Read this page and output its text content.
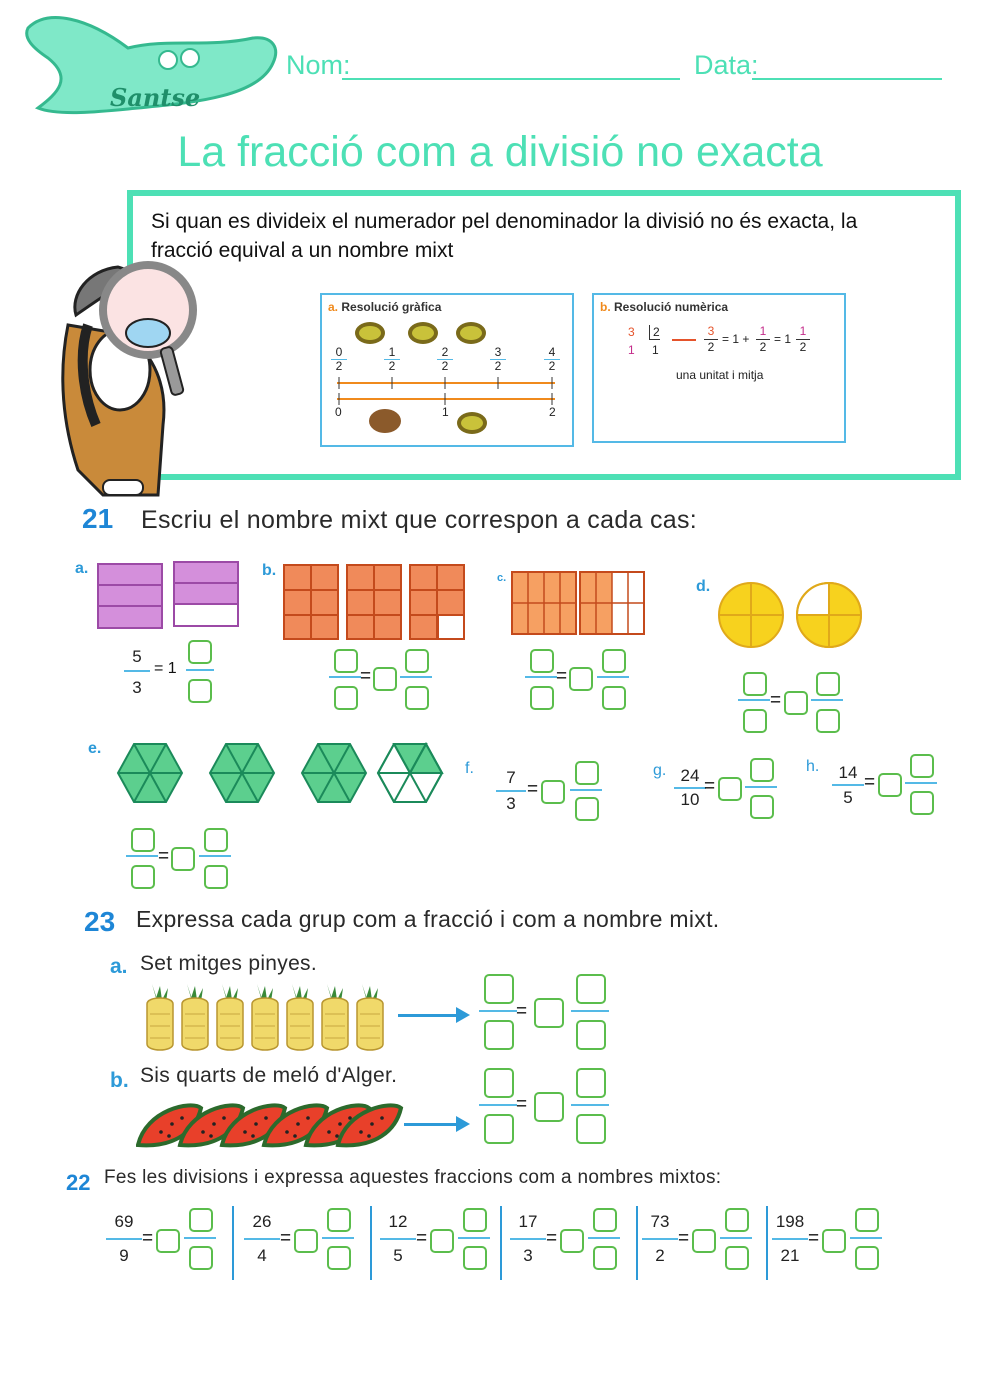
Santse
Nom:	Data:
La fracció com a divisió no exacta
Si quan es divideix el numerador pel denominador la divisió no és exacta, la
fracció equival a un nombre mixt
a. Resolució gràfica
0
2
1
2
2
2
3
2
4
2
0	1	2
b. Resolució numèrica
3	2
1
1
3
2
= 1 +
1
2
= 1
1
2
una unitat i mitja
21 Escriu el nombre mixt que correspon a cada cas:
a.
5
3
= 1
b.
=
c.
=
d.
=
e.
=
f.	7
3
=
g. 24
10
=
h.	14
5
=
23 Expressa cada grup com a fracció i com a nombre mixt.
a. Set mitges pinyes.
=
b. Sis quarts de meló d'Alger.
=
22 Fes les divisions i expressa aquestes fraccions com a nombres mixtos:
69
9
=
26
4
=
12
5
=
17
3
=
73
2
=
198
21
=
